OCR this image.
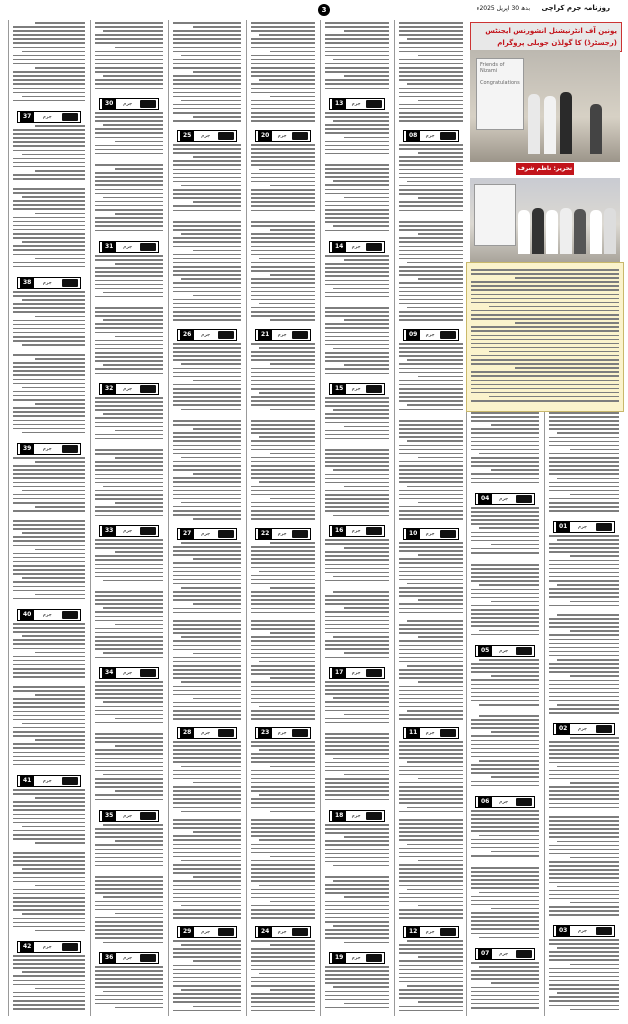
3	بدھ 30 اپریل 2025ء روزنامہ جرم کراچی
37	جرم
38	جرم
39	جرم
40	جرم
41	جرم
42	جرم
30	جرم
31	جرم
32	جرم
33	جرم
34	جرم
35	جرم
36	جرم
25	جرم
26	جرم
27	جرم
28	جرم
29	جرم
20	جرم
21	جرم
22	جرم
23	جرم
24	جرم
13	جرم
14	جرم
15	جرم
16	جرم
17	جرم
18	جرم
19	جرم
08	جرم
09	جرم
10	جرم
11	جرم
12	جرم
04	جرم
05	جرم
06	جرم
07	جرم
01	جرم
02	جرم
03	جرم
یونین آف انٹرنیشنل انشورنس ایجنٹس (رجسٹرڈ) کا گولڈن جوبلی پروگرام
Friends of Nizami
Congratulations
تحریر: ناظم شرف
